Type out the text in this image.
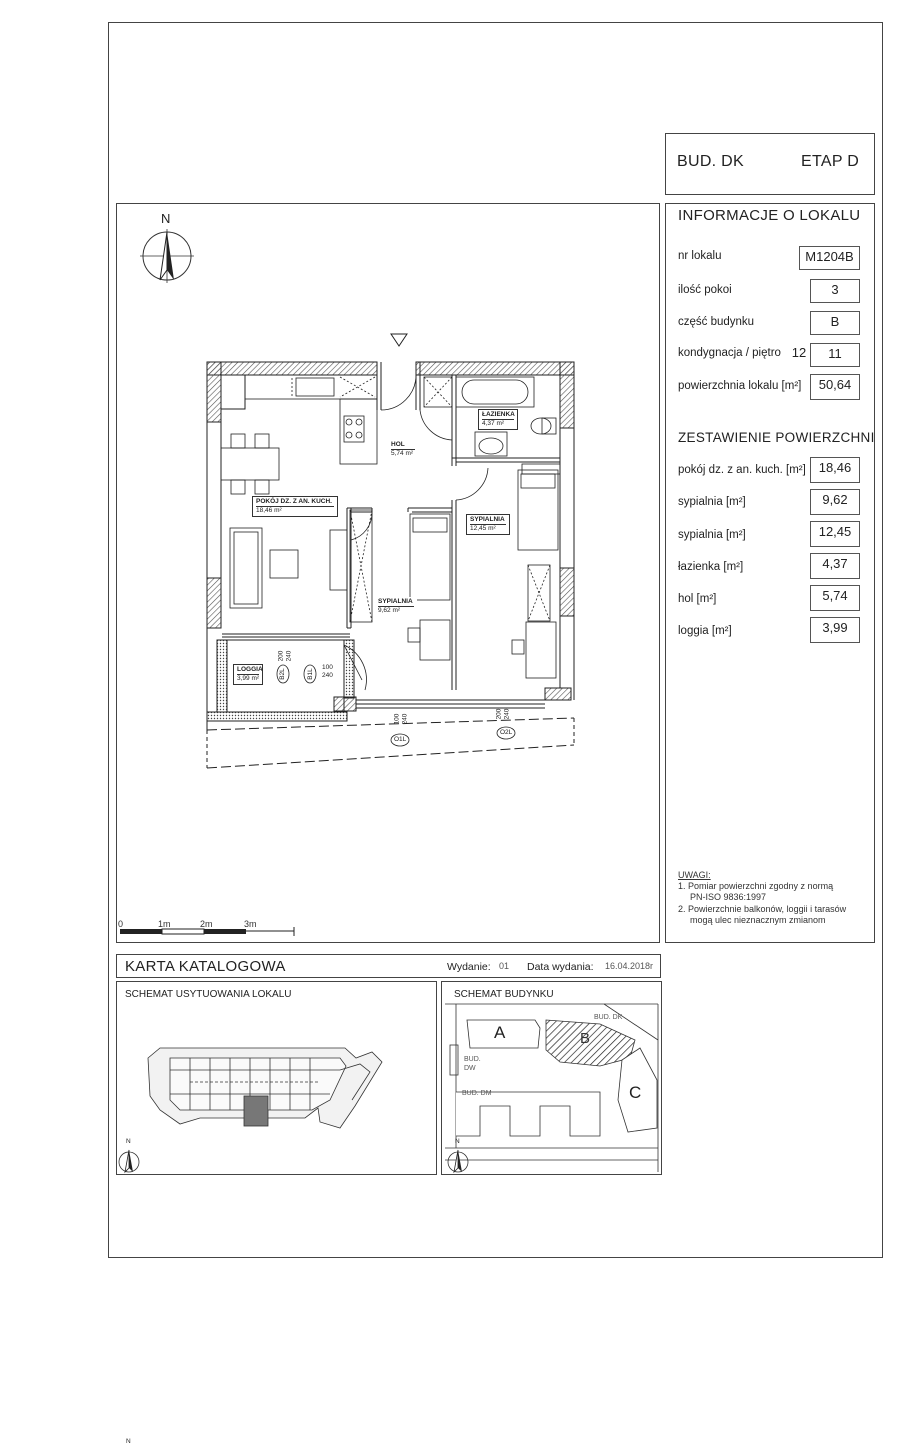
BUD. DK	ETAP D
INFORMACJE O LOKALU
nr lokalu	M1204B
ilość pokoi	3
część budynku	B
kondygnacja / piętro 12	11
powierzchnia lokalu [m²]	50,64
ZESTAWIENIE POWIERZCHNI
pokój dz. z an. kuch. [m²] 18,46
sypialnia [m²]	9,62
sypialnia [m²]	12,45
łazienka [m²]	4,37
hol [m²]	5,74
loggia [m²]	3,99
UWAGI:
1. Pomiar powierzchni zgodny z normą
PN-ISO 9836:1997
2. Powierzchnie balkonów, loggii i tarasów
mogą ulec nieznacznym zmianom
N
POKÓJ DZ. Z AN. KUCH.
18,46 m²
HOL
5,74 m²
ŁAZIENKA
4,37 m²
SYPIALNIA
9,62 m²
SYPIALNIA
12,45 m²
LOGGIA
3,99 m²	B2L	B1L
O1L
O2L
200 240
100
240
100 240	200 240
0	1m	2m	3m
KARTA KATALOGOWA	Wydanie: 01 Data wydania: 16.04.2018r
SCHEMAT USYTUOWANIA LOKALU
N
SCHEMAT BUDYNKU
A	B
C
BUD. DK
BUD.
DW
BUD. DM
N
N
